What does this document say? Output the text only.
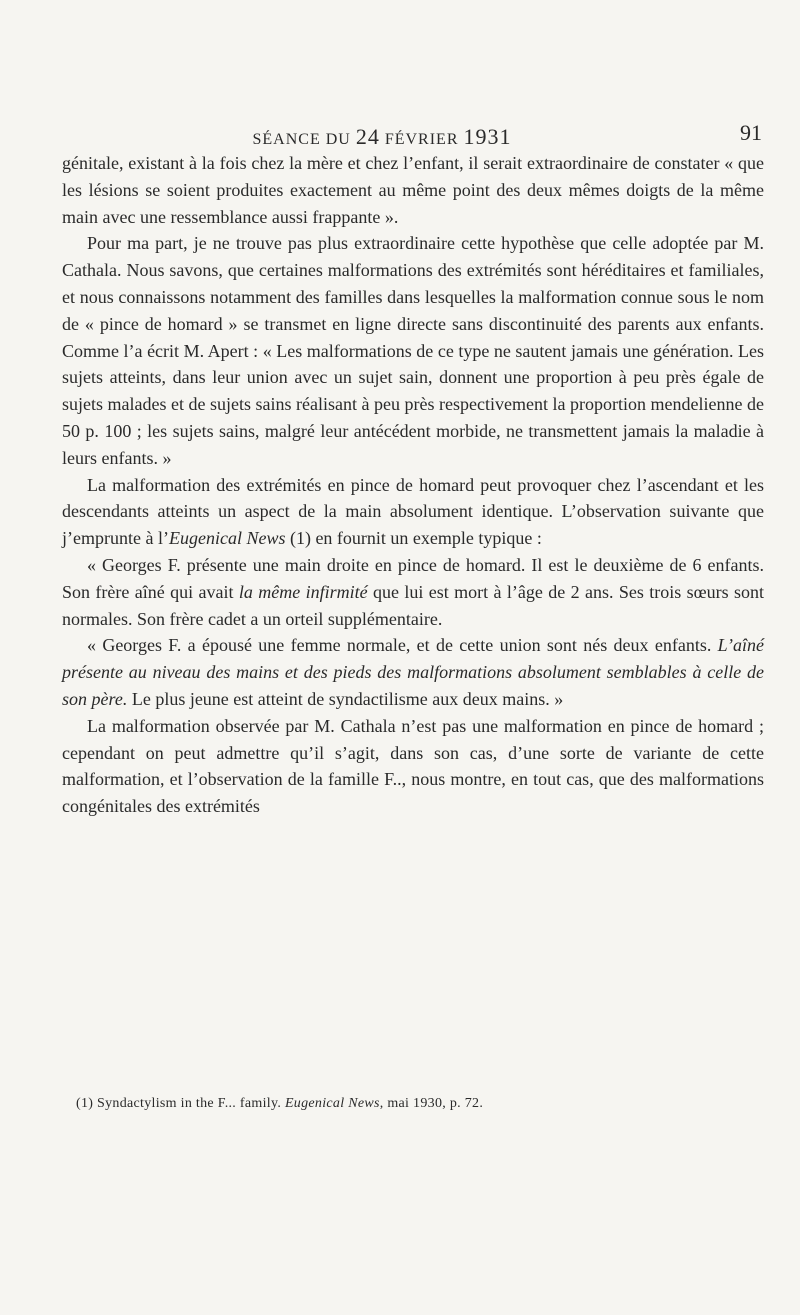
SÉANCE DU 24 FÉVRIER 1931	91

génitale, existant à la fois chez la mère et chez l’enfant, il serait extraordinaire de constater « que les lésions se soient produites exactement au même point des deux mêmes doigts de la même main avec une ressemblance aussi frappante ».

Pour ma part, je ne trouve pas plus extraordinaire cette hypothèse que celle adoptée par M. Cathala. Nous savons, que certaines malformations des extrémités sont héréditaires et familiales, et nous connaissons notamment des familles dans lesquelles la malformation connue sous le nom de « pince de homard » se transmet en ligne directe sans discontinuité des parents aux enfants. Comme l’a écrit M. Apert : « Les malformations de ce type ne sautent jamais une génération. Les sujets atteints, dans leur union avec un sujet sain, donnent une proportion à peu près égale de sujets malades et de sujets sains réalisant à peu près respectivement la proportion mendelienne de 50 p. 100 ; les sujets sains, malgré leur antécédent morbide, ne transmettent jamais la maladie à leurs enfants. »

La malformation des extrémités en pince de homard peut provoquer chez l’ascendant et les descendants atteints un aspect de la main absolument identique. L’observation suivante que j’emprunte à l’Eugenical News (1) en fournit un exemple typique :

« Georges F. présente une main droite en pince de homard. Il est le deuxième de 6 enfants. Son frère aîné qui avait la même infirmité que lui est mort à l’âge de 2 ans. Ses trois sœurs sont normales. Son frère cadet a un orteil supplémentaire.

« Georges F. a épousé une femme normale, et de cette union sont nés deux enfants. L’aîné présente au niveau des mains et des pieds des malformations absolument semblables à celle de son père. Le plus jeune est atteint de syndactilisme aux deux mains. »

La malformation observée par M. Cathala n’est pas une malformation en pince de homard ; cependant on peut admettre qu’il s’agit, dans son cas, d’une sorte de variante de cette malformation, et l’observation de la famille F.., nous montre, en tout cas, que des malformations congénitales des extrémités

(1) Syndactylism in the F... family. Eugenical News, mai 1930, p. 72.
